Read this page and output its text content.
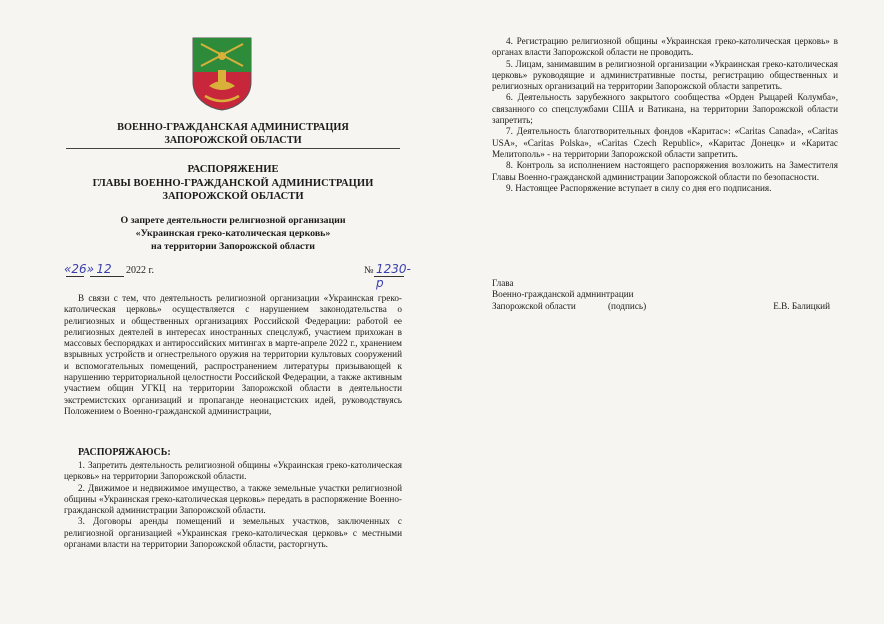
ВОЕННО-ГРАЖДАНСКАЯ АДМИНИСТРАЦИЯ
ЗАПОРОЖСКОЙ ОБЛАСТИ
РАСПОРЯЖЕНИЕ
ГЛАВЫ ВОЕННО-ГРАЖДАНСКОЙ АДМИНИСТРАЦИИ
ЗАПОРОЖСКОЙ ОБЛАСТИ
О запрете деятельности религиозной организации
«Украинская греко-католическая церковь»
на территории Запорожской области
«26» 12	2022 г.	№ 1230-р

В связи с тем, что деятельность религиозной организации «Украинская греко-католическая церковь» осуществляется с нарушением законодательства о религиозных и общественных организациях Российской Федерации: работой ее религиозных деятелей в интересах иностранных спецслужб, участием прихожан в массовых беспорядках и антироссийских митингах в марте-апреле 2022 г., хранением взрывных устройств и огнестрельного оружия на территории культовых сооружений и вспомогательных помещений, распространением литературы призывающей к нарушению территориальной целостности Российской Федерации, а также активным участием общин УГКЦ на территории Запорожской области в деятельности экстремистских организаций и пропаганде неонацистских идей, руководствуясь Положением о Военно-гражданской администрации,

РАСПОРЯЖАЮСЬ:

1. Запретить деятельность религиозной общины «Украинская греко-католическая церковь» на территории Запорожской области.

2. Движимое и недвижимое имущество, а также земельные участки религиозной общины «Украинская греко-католическая церковь» передать в распоряжение Военно-гражданской администрации Запорожской области.

3. Договоры аренды помещений и земельных участков, заключенных с религиозной организацией «Украинская греко-католическая церковь» с местными органами власти на территории Запорожской области, расторгнуть.

4. Регистрацию религиозной общины «Украинская греко-католическая церковь» в органах власти Запорожской области не проводить.

5. Лицам, занимавшим в религиозной организации «Украинская греко-католическая церковь» руководящие и административные посты, регистрацию общественных и религиозных организаций на территории Запорожской области запретить.

6. Деятельность зарубежного закрытого сообщества «Орден Рыцарей Колумба», связанного со спецслужбами США и Ватикана, на территории Запорожской области запретить;

7. Деятельность благотворительных фондов «Каритас»: «Caritas Canada», «Caritas USA», «Caritas Polska», «Caritas Czech Republic», «Каритас Донецк» и «Каритас Мелитополь» - на территории Запорожской области запретить.

8. Контроль за исполнением настоящего распоряжения возложить на Заместителя Главы Военно-гражданской администрации Запорожской области по безопасности.

9. Настоящее Распоряжение вступает в силу со дня его подписания.

Глава
Военно-гражданской адмнинтрации
Запорожской области	(подпись)	Е.В. Балицкий
